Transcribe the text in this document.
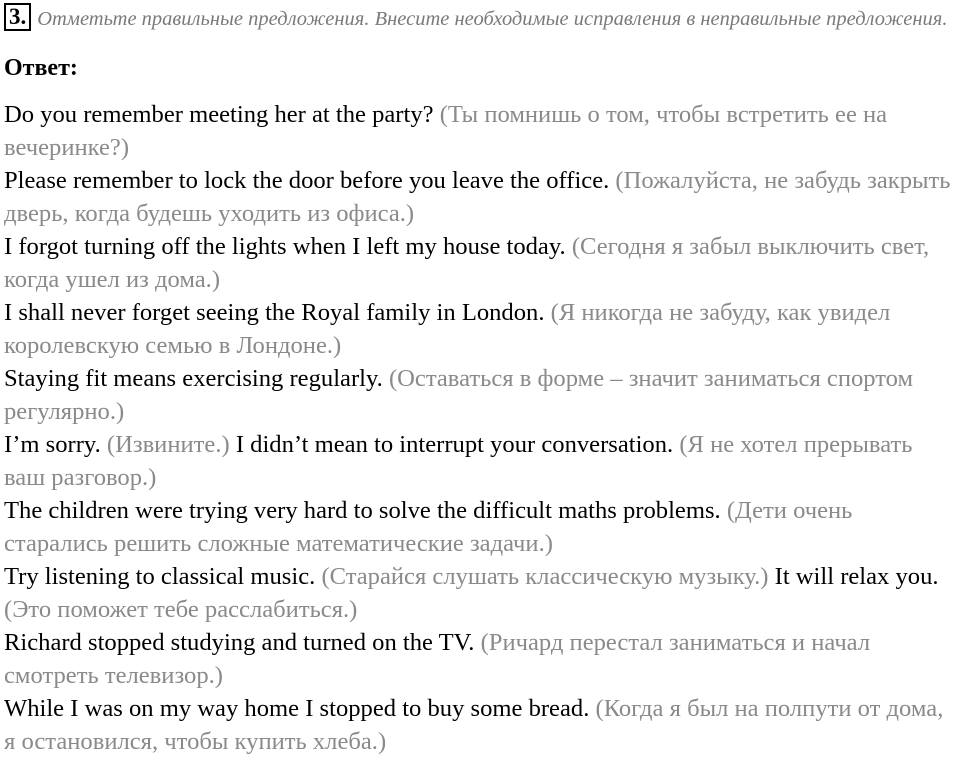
3. Отметьте правильные предложения. Внесите необходимые исправления в неправильные предложения.

Ответ:
Do you remember meeting her at the party? (Ты помнишь о том, чтобы встретить ее на вечеринке?)
Please remember to lock the door before you leave the office. (Пожалуйста, не забудь закрыть дверь, когда будешь уходить из офиса.)
I forgot turning off the lights when I left my house today. (Сегодня я забыл выключить свет, когда ушел из дома.)
I shall never forget seeing the Royal family in London. (Я никогда не забуду, как увидел королевскую семью в Лондоне.)
Staying fit means exercising regularly. (Оставаться в форме – значит заниматься спортом регулярно.)
I’m sorry. (Извините.) I didn’t mean to interrupt your conversation. (Я не хотел прерывать ваш разговор.)
The children were trying very hard to solve the difficult maths problems. (Дети очень старались решить сложные математические задачи.)
Try listening to classical music. (Старайся слушать классическую музыку.) It will relax you. (Это поможет тебе расслабиться.)
Richard stopped studying and turned on the TV. (Ричард перестал заниматься и начал смотреть телевизор.)
While I was on my way home I stopped to buy some bread. (Когда я был на полпути от дома, я остановился, чтобы купить хлеба.)
